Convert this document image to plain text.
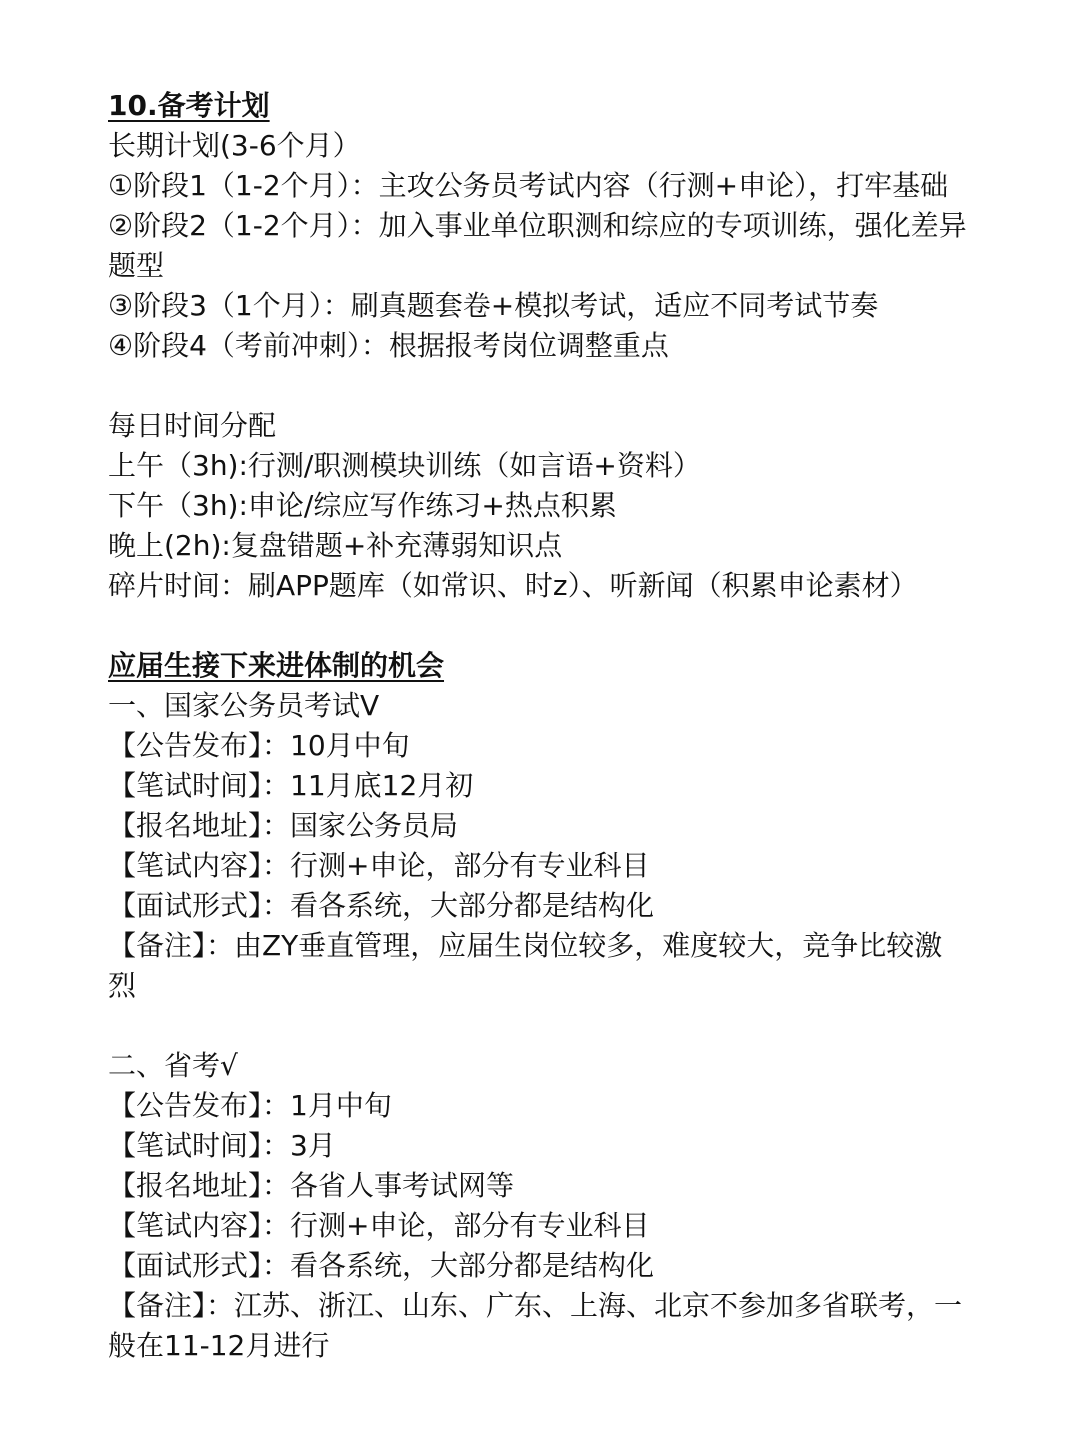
10.备考计划
长期计划(3-6个月）
①阶段1（1-2个月）：主攻公务员考试内容（行测+申论），打牢基础
②阶段2（1-2个月）：加入事业单位职测和综应的专项训练，强化差异题型
③阶段3（1个月）：刷真题套卷+模拟考试，适应不同考试节奏
④阶段4（考前冲刺）：根据报考岗位调整重点
每日时间分配
上午（3h):行测/职测模块训练（如言语+资料）
下午（3h):申论/综应写作练习+热点积累
晚上(2h):复盘错题+补充薄弱知识点
碎片时间：刷APP题库（如常识、时z）、听新闻（积累申论素材）
应届生接下来进体制的机会
一、国家公务员考试V
【公告发布】：10月中旬
【笔试时间】：11月底12月初
【报名地址】：国家公务员局
【笔试内容】：行测+申论，部分有专业科目
【面试形式】：看各系统，大部分都是结构化
【备注】：由ZY垂直管理，应届生岗位较多，难度较大，竞争比较激烈
二、省考√
【公告发布】：1月中旬
【笔试时间】：3月
【报名地址】：各省人事考试网等
【笔试内容】：行测+申论，部分有专业科目
【面试形式】：看各系统，大部分都是结构化
【备注】：江苏、浙江、山东、广东、上海、北京不参加多省联考，一般在11-12月进行
